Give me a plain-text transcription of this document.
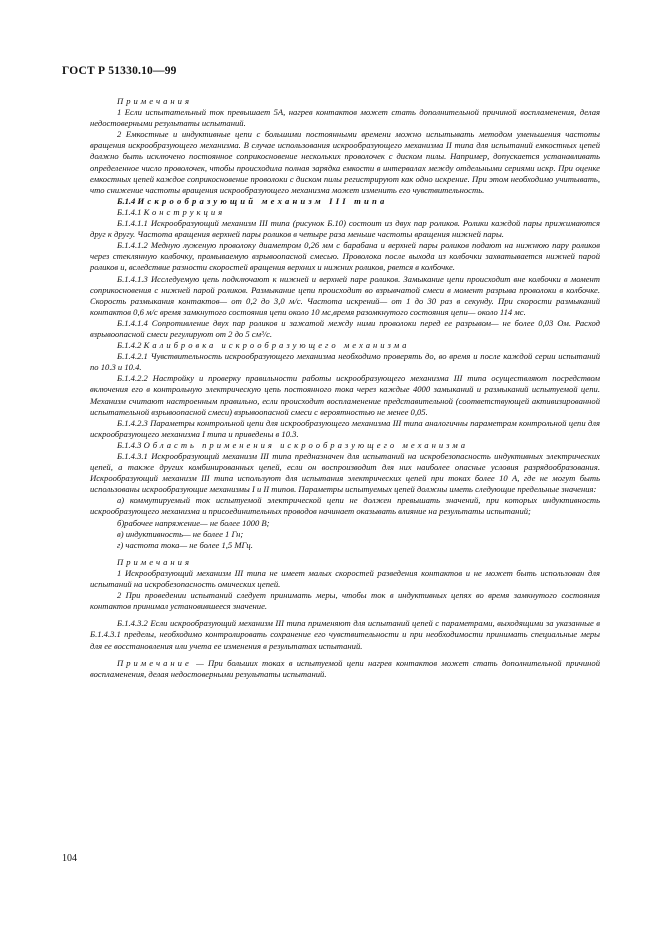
ГОСТ Р 51330.10—99

Примечания

1 Если испытательный ток превышает 5А, нагрев контактов может стать дополнительной причиной воспламенения, делая недостоверными результаты испытаний.

2 Емкостные и индуктивные цепи с большими постоянными времени можно испытывать методом уменьшения частоты вращения искрообразующего механизма. В случае использования искрообразующего механизма II типа для испытаний емкостных цепей должно быть исключено постоянное соприкосновение нескольких проволочек с диском пилы. Например, допускается устанавливать определенное число проволочек, чтобы происходила полная зарядка емкости в интервалах между отдельными сериями искр. При оценке емкостных цепей каждое соприкосновение проволоки с диском пилы регистрируют как одно искрение. При этом необходимо учитывать, что снижение частоты вращения искрообразующего механизма может изменить его чувствительность.

Б.1.4 Искрообразующий механизм III типа

Б.1.4.1 Конструкция

Б.1.4.1.1 Искрообразующий механизм III типа (рисунок Б.10) состоит из двух пар роликов. Ролики каждой пары прижимаются друг к другу. Частота вращения верхней пары роликов в четыре раза меньше частоты вращения нижней пары.

Б.1.4.1.2 Медную луженую проволоку диаметром 0,26 мм с барабана и верхней пары роликов подают на нижнюю пару роликов через стеклянную колбочку, промываемую взрывоопасной смесью. Проволока после выхода из колбочки захватывается нижней парой роликов и, вследствие разности скоростей вращения верхних и нижних роликов, рвется в колбочке.

Б.1.4.1.3 Исследуемую цепь подключают к нижней и верхней паре роликов. Замыкание цепи происходит вне колбочки в момент соприкосновения с нижней парой роликов. Размыкание цепи происходит во взрывчатой смеси в момент разрыва проволоки в колбочке. Скорость размыкания контактов— от 0,2 до 3,0 м/с. Частота искрений— от 1 до 30 раз в секунду. При скорости размыканий контактов 0,6 м/с время замкнутого состояния цепи около 10 мс,время разомкнутого состояния цепи— около 114 мс.

Б.1.4.1.4 Сопротивление двух пар роликов и зажатой между ними проволоки перед ее разрывом— не более 0,03 Ом. Расход взрывоопасной смеси регулируют от 2 до 5 см³/с.

Б.1.4.2 Калибровка искрообразующего механизма

Б.1.4.2.1 Чувствительность искрообразующего механизма необходимо проверять до, во время и после каждой серии испытаний по 10.3 и 10.4.

Б.1.4.2.2 Настройку и проверку правильности работы искрообразующего механизма III типа осуществляют посредством включения его в контрольную электрическую цепь постоянного тока через каждые 4000 замыканий и размыканий испытуемой цепи. Механизм считают настроенным правильно, если происходит воспламенение представительной (соответствующей активизированной испытательной взрывоопасной смеси) взрывоопасной смеси с вероятностью не менее 0,05.

Б.1.4.2.3 Параметры контрольной цепи для искрообразующего механизма III типа аналогичны параметрам контрольной цепи для искрообразующего механизма I типа и приведены в 10.3.

Б.1.4.3 Область применения искрообразующего механизма

Б.1.4.3.1 Искрообразующий механизм III типа предназначен для испытаний на искробезопасность индуктивных электрических цепей, а также других комбинированных цепей, если он воспроизводит для них наиболее опасные условия разрядообразования. Искрообразующий механизм III типа используют для испытания электрических цепей при токах более 10 А, где не могут быть использованы искрообразующие механизмы I и II типов. Параметры испытуемых цепей должны иметь следующие предельные значения:

а) коммутируемый ток испытуемой электрической цепи не должен превышать значений, при которых индуктивность искрообразующего механизма и присоединительных проводов начинает оказывать влияние на результаты испытаний;

б)рабочее напряжение— не более 1000 В;

в) индуктивность— не более 1 Гн;

г) частота тока— не более 1,5 МГц.

Примечания

1 Искрообразующий механизм III типа не имеет малых скоростей разведения контактов и не может быть использован для испытаний на искробезопасность омических цепей.

2 При проведении испытаний следует принимать меры, чтобы ток в индуктивных цепях во время замкнутого состояния контактов принимал установившееся значение.

Б.1.4.3.2 Если искрообразующий механизм III типа применяют для испытаний цепей с параметрами, выходящими за указанные в Б.1.4.3.1 пределы, необходимо контролировать сохранение его чувствительности и при необходимости принимать специальные меры для ее восстановления или учета ее изменения в результатах испытаний.

Примечание — При больших токах в испытуемой цепи нагрев контактов может стать дополнительной причиной воспламенения, делая недостоверными результаты испытаний.

104
